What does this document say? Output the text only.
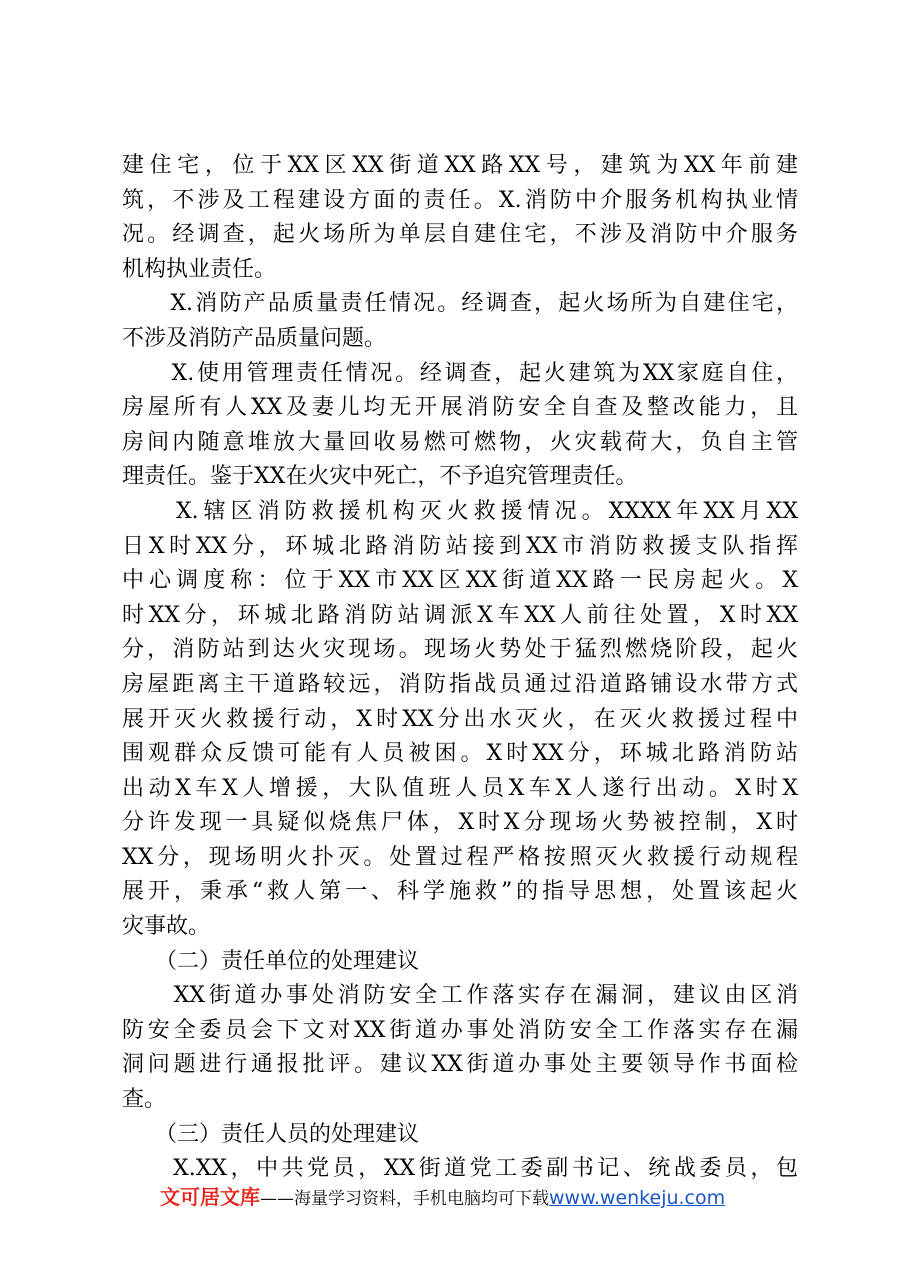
建住宅，位于XX区XX街道XX路XX号，建筑为XX年前建
筑，不涉及工程建设方面的责任。X.消防中介服务机构执业情
况。经调查，起火场所为单层自建住宅，不涉及消防中介服务
机构执业责任。
　　X.消防产品质量责任情况。经调查，起火场所为自建住宅，
不涉及消防产品质量问题。
　　X.使用管理责任情况。经调查，起火建筑为XX家庭自住，
房屋所有人XX及妻儿均无开展消防安全自查及整改能力，且
房间内随意堆放大量回收易燃可燃物，火灾载荷大，负自主管
理责任。鉴于XX在火灾中死亡，不予追究管理责任。
　　X.辖区消防救援机构灭火救援情况。XXXX年XX月XX
日X时XX分，环城北路消防站接到XX市消防救援支队指挥
中心调度称：位于XX市XX区XX街道XX路一民房起火。X
时XX分，环城北路消防站调派X车XX人前往处置，X时XX
分，消防站到达火灾现场。现场火势处于猛烈燃烧阶段，起火
房屋距离主干道路较远，消防指战员通过沿道路铺设水带方式
展开灭火救援行动，X时XX分出水灭火，在灭火救援过程中
围观群众反馈可能有人员被困。X时XX分，环城北路消防站
出动X车X人增援，大队值班人员X车X人遂行出动。X时X
分许发现一具疑似烧焦尸体，X时X分现场火势被控制，X时
XX分，现场明火扑灭。处置过程严格按照灭火救援行动规程
展开，秉承“救人第一、科学施救”的指导思想，处置该起火
灾事故。
　　（二）责任单位的处理建议
　　XX街道办事处消防安全工作落实存在漏洞，建议由区消
防安全委员会下文对XX街道办事处消防安全工作落实存在漏
洞问题进行通报批评。建议XX街道办事处主要领导作书面检
查。
　　（三）责任人员的处理建议
　　X.XX，中共党员，XX街道党工委副书记、统战委员，包
文可居文库——海量学习资料，手机电脑均可下载www.wenkeju.com
